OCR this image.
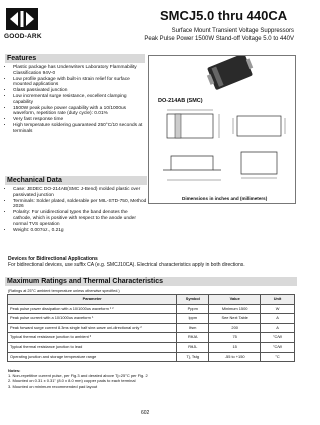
GOOD-ARK
SMCJ5.0 thru 440CA
Surface Mount Transient Voltage Suppressors
Peak Pulse Power 1500W Stand-off Voltage 5.0 to 440V
Features
• Plastic package has Underwriters Laboratory Flammability Classification 94V-0
• Low profile package with built-in strain relief for surface mounted applications
• Glass passivated junction
• Low incremental surge resistance, excellent clamping capability
• 1500W peak pulse power capability with a 10/1000us waveform, repetition rate (duty cycle): 0.01%
• Very fast response time
• High temperature soldering guaranteed 250°C/10 seconds at terminals
DO-214AB (SMC)
Dimensions in inches and (millimeters)
Mechanical Data
• Case: JEDEC DO-214AB(SMC J-Bend) molded plastic over passivated junction
• Terminals: Solder plated, solderable per MIL-STD-750, Method 2026
• Polarity: For unidirectional types the band denotes the cathode, which is positive with respect to the anode under normal TVS operation
• Weight: 0.007oz., 0.21g
Devices for Bidirectional Applications
For bidirectional devices, use suffix CA (e.g. SMCJ10CA). Electrical characteristics apply in both directions.
Maximum Ratings and Thermal Characteristics
(Ratings at 25°C ambient temperature unless otherwise specified.)
Parameter	Symbol	Value	Unit
Peak pulse power dissipation with a 10/1000us waveform ¹ ²	Pppm	Minimum 1500	W
Peak pulse current with a 10/1000us waveform ¹	Ippm	See Next Table	A
Peak forward surge current 8.3ms single half sine-wave uni-directional only ²	Ifsm	200	A
Typical thermal resistance junction to ambient ³	RθJA	75	°C/W
Typical thermal resistance junction to lead	RθJL	15	°C/W
Operating junction and storage temperature range	Tj, Tstg	-55 to +150	°C
Notes:
1. Non-repetitive current pulse, per Fig.3 and derated above Tj=25°C per Fig. 2
2. Mounted on 0.31 x 0.31" (8.0 x 8.0 mm) copper pads to each terminal
3. Mounted on minimum recommended pad layout
602
